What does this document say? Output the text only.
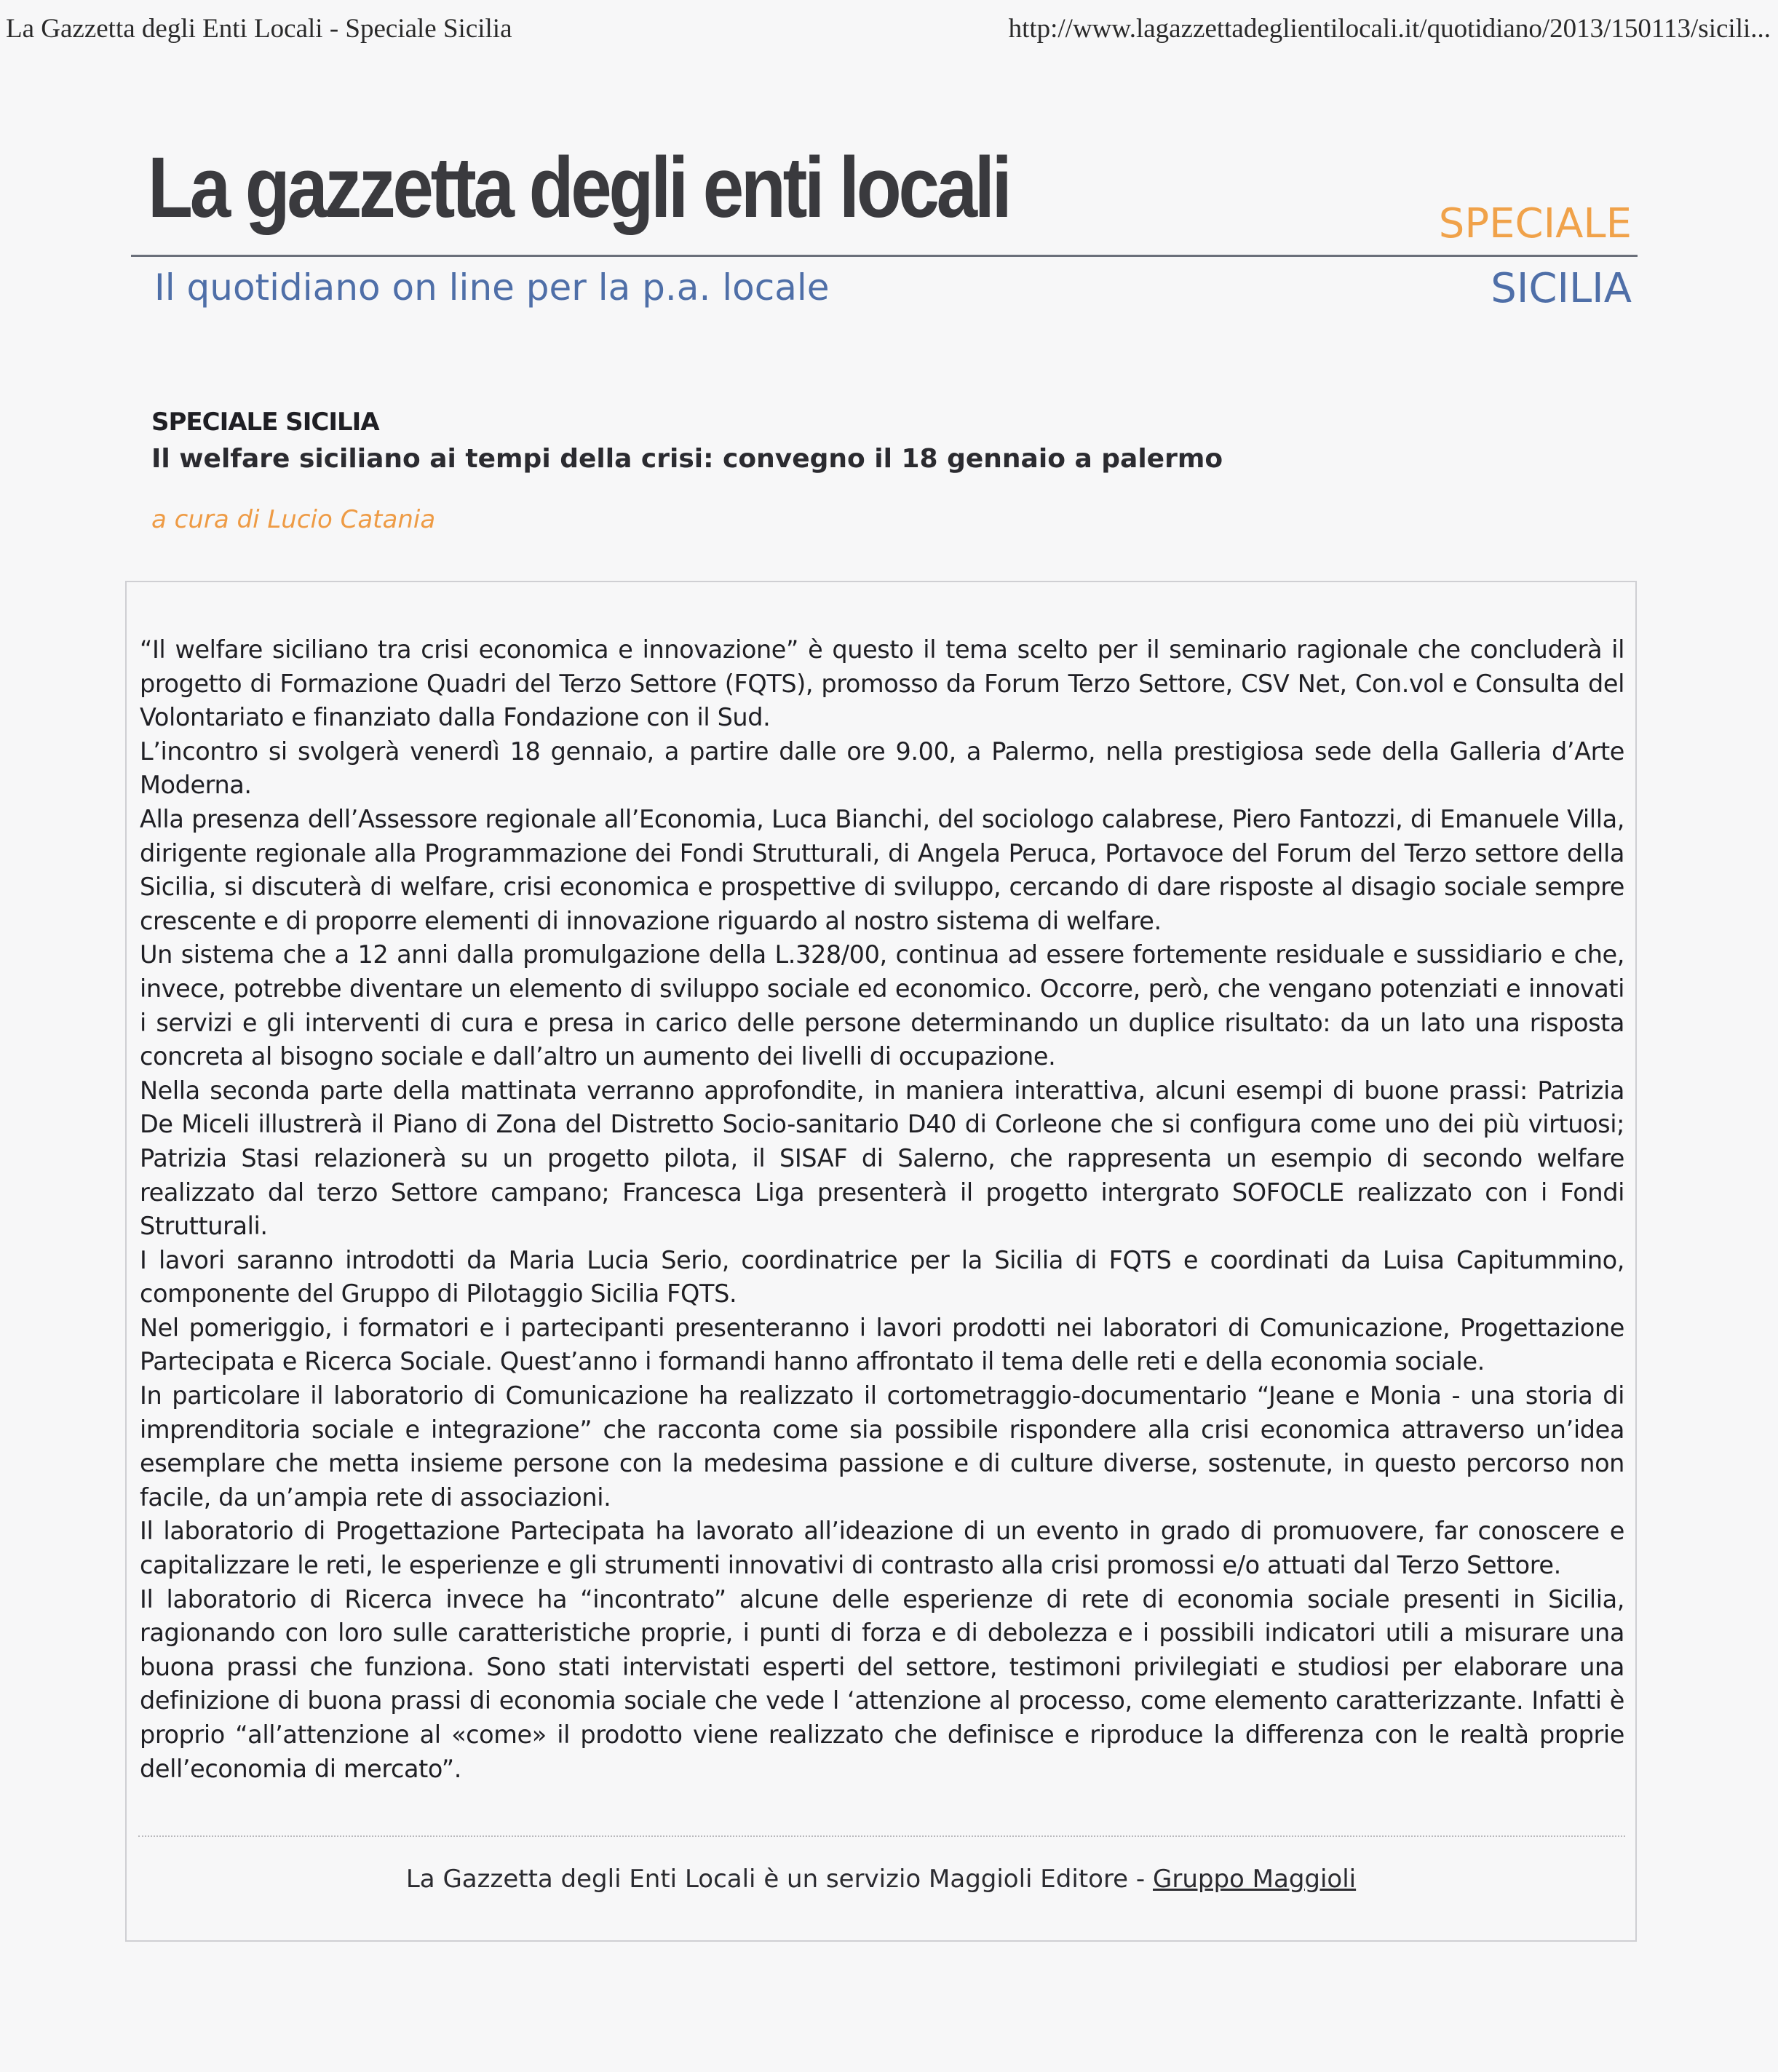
La Gazzetta degli Enti Locali - Speciale Sicilia	http://www.lagazzettadeglientilocali.it/quotidiano/2013/150113/sicili...
La gazzetta degli enti locali
Il quotidiano on line per la p.a. locale
SPECIALE
SICILIA
SPECIALE SICILIA
Il welfare siciliano ai tempi della crisi: convegno il 18 gennaio a palermo
a cura di Lucio Catania

“Il welfare siciliano tra crisi economica e innovazione” è questo il tema scelto per il seminario ragionale che concluderà il progetto di Formazione Quadri del Terzo Settore (FQTS), promosso da Forum Terzo Settore, CSV Net, Con.vol e Consulta del Volontariato e finanziato dalla Fondazione con il Sud.

L’incontro si svolgerà venerdì 18 gennaio, a partire dalle ore 9.00, a Palermo, nella prestigiosa sede della Galleria d’Arte Moderna.

Alla presenza dell’Assessore regionale all’Economia, Luca Bianchi, del sociologo calabrese, Piero Fantozzi, di Emanuele Villa, dirigente regionale alla Programmazione dei Fondi Strutturali, di Angela Peruca, Portavoce del Forum del Terzo settore della Sicilia, si discuterà di welfare, crisi economica e prospettive di sviluppo, cercando di dare risposte al disagio sociale sempre crescente e di proporre elementi di innovazione riguardo al nostro sistema di welfare.

Un sistema che a 12 anni dalla promulgazione della L.328/00, continua ad essere fortemente residuale e sussidiario e che, invece, potrebbe diventare un elemento di sviluppo sociale ed economico. Occorre, però, che vengano potenziati e innovati i servizi e gli interventi di cura e presa in carico delle persone determinando un duplice risultato: da un lato una risposta concreta al bisogno sociale e dall’altro un aumento dei livelli di occupazione.

Nella seconda parte della mattinata verranno approfondite, in maniera interattiva, alcuni esempi di buone prassi: Patrizia De Miceli illustrerà il Piano di Zona del Distretto Socio-sanitario D40 di Corleone che si configura come uno dei più virtuosi; Patrizia Stasi relazionerà su un progetto pilota, il SISAF di Salerno, che rappresenta un esempio di secondo welfare realizzato dal terzo Settore campano; Francesca Liga presenterà il progetto intergrato SOFOCLE realizzato con i Fondi Strutturali.

I lavori saranno introdotti da Maria Lucia Serio, coordinatrice per la Sicilia di FQTS e coordinati da Luisa Capitummino, componente del Gruppo di Pilotaggio Sicilia FQTS.

Nel pomeriggio, i formatori e i partecipanti presenteranno i lavori prodotti nei laboratori di Comunicazione, Progettazione Partecipata e Ricerca Sociale. Quest’anno i formandi hanno affrontato il tema delle reti e della economia sociale.

In particolare il laboratorio di Comunicazione ha realizzato il cortometraggio-documentario “Jeane e Monia - una storia di imprenditoria sociale e integrazione” che racconta come sia possibile rispondere alla crisi economica attraverso un’idea esemplare che metta insieme persone con la medesima passione e di culture diverse, sostenute, in questo percorso non facile, da un’ampia rete di associazioni.

Il laboratorio di Progettazione Partecipata ha lavorato all’ideazione di un evento in grado di promuovere, far conoscere e capitalizzare le reti, le esperienze e gli strumenti innovativi di contrasto alla crisi promossi e/o attuati dal Terzo Settore.

Il laboratorio di Ricerca invece ha “incontrato” alcune delle esperienze di rete di economia sociale presenti in Sicilia, ragionando con loro sulle caratteristiche proprie, i punti di forza e di debolezza e i possibili indicatori utili a misurare una buona prassi che funziona. Sono stati intervistati esperti del settore, testimoni privilegiati e studiosi per elaborare una definizione di buona prassi di economia sociale che vede l ‘attenzione al processo, come elemento caratterizzante. Infatti è proprio “all’attenzione al «come» il prodotto viene realizzato che definisce e riproduce la differenza con le realtà proprie dell’economia di mercato”.

La Gazzetta degli Enti Locali è un servizio Maggioli Editore - Gruppo Maggioli
